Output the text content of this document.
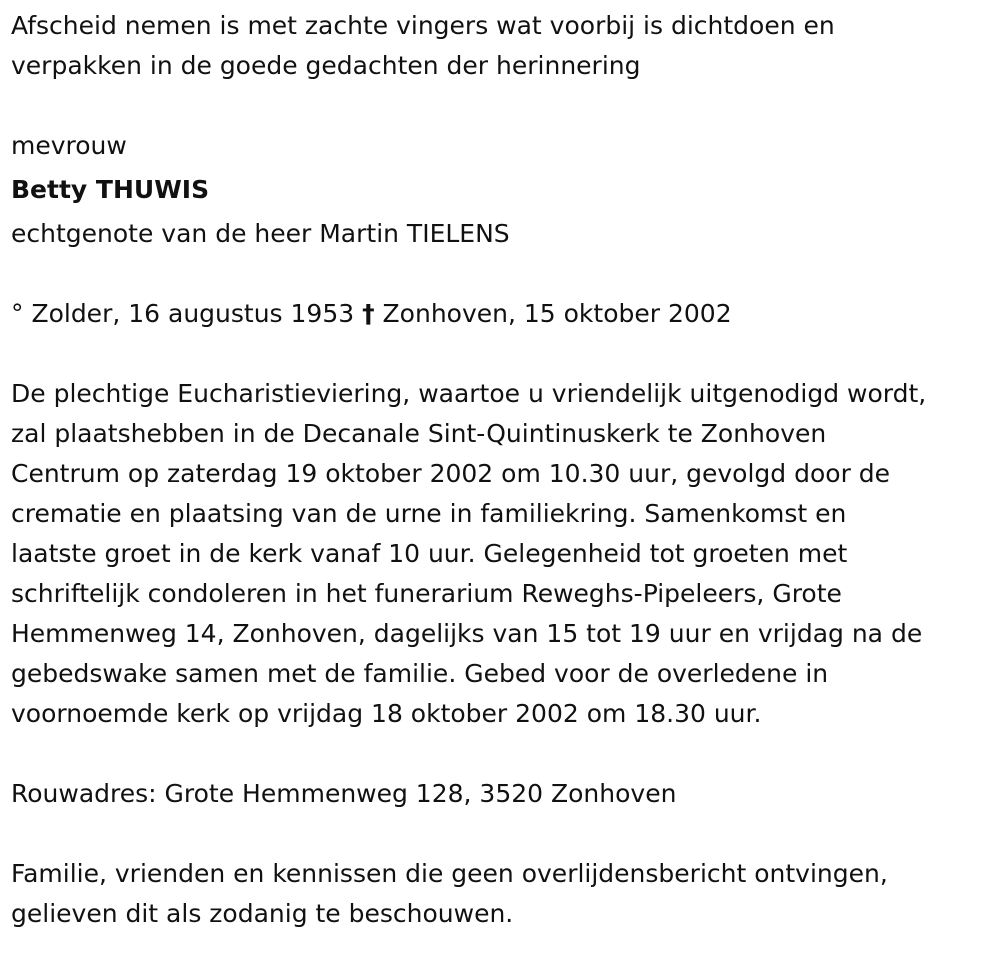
Afscheid nemen is met zachte vingers wat voorbij is dichtdoen en

verpakken in de goede gedachten der herinnering

mevrouw

Betty THUWIS

echtgenote van de heer Martin TIELENS

° Zolder, 16 augustus 1953 † Zonhoven, 15 oktober 2002

De plechtige Eucharistieviering, waartoe u vriendelijk uitgenodigd wordt,

zal plaatshebben in de Decanale Sint-Quintinuskerk te Zonhoven

Centrum op zaterdag 19 oktober 2002 om 10.30 uur, gevolgd door de

crematie en plaatsing van de urne in familiekring. Samenkomst en

laatste groet in de kerk vanaf 10 uur. Gelegenheid tot groeten met

schriftelijk condoleren in het funerarium Reweghs-Pipeleers, Grote

Hemmenweg 14, Zonhoven, dagelijks van 15 tot 19 uur en vrijdag na de

gebedswake samen met de familie. Gebed voor de overledene in

voornoemde kerk op vrijdag 18 oktober 2002 om 18.30 uur.

Rouwadres: Grote Hemmenweg 128, 3520 Zonhoven

Familie, vrienden en kennissen die geen overlijdensbericht ontvingen,

gelieven dit als zodanig te beschouwen.
